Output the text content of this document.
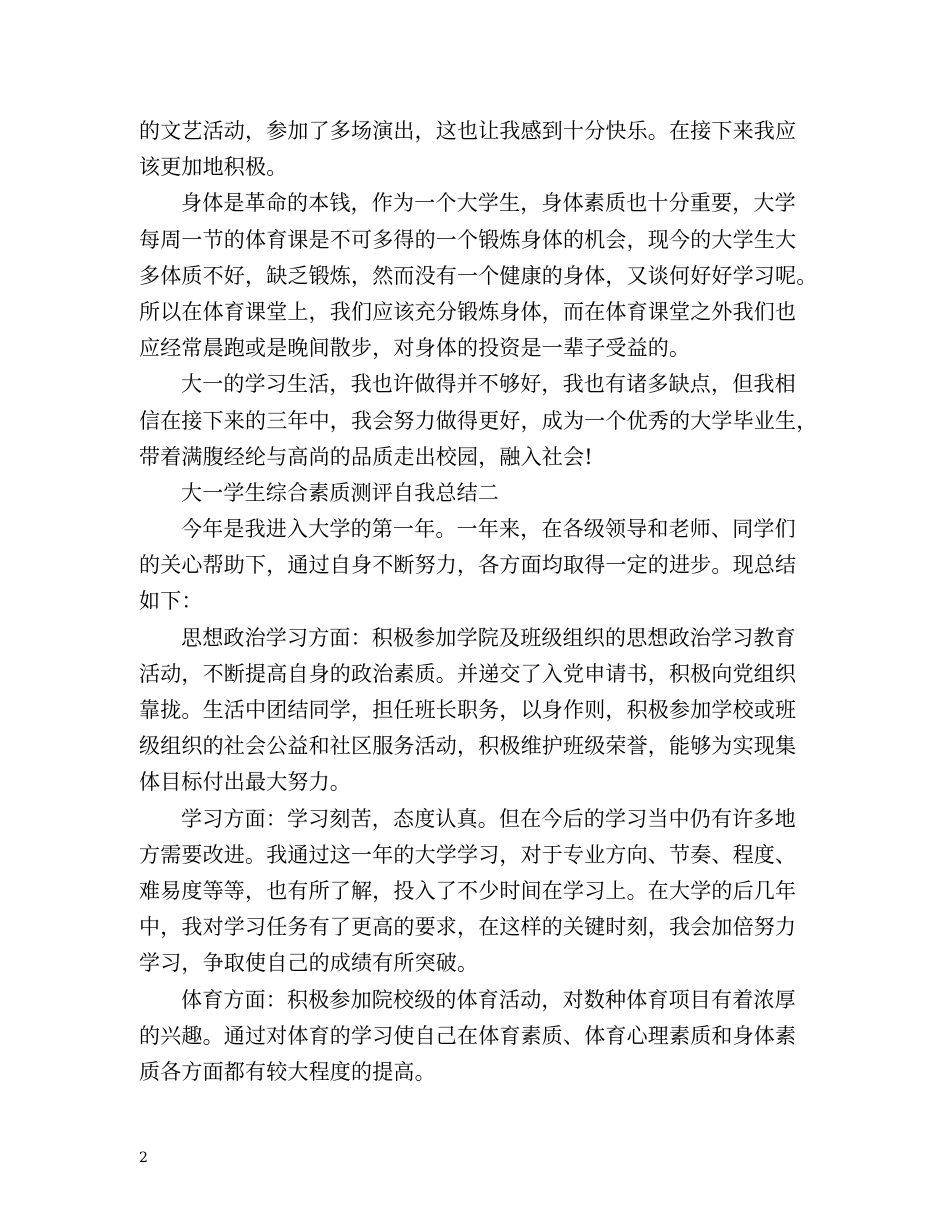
的文艺活动，参加了多场演出，这也让我感到十分快乐。在接下来我应
该更加地积极。
身体是革命的本钱，作为一个大学生，身体素质也十分重要，大学
每周一节的体育课是不可多得的一个锻炼身体的机会，现今的大学生大
多体质不好，缺乏锻炼，然而没有一个健康的身体，又谈何好好学习呢。
所以在体育课堂上，我们应该充分锻炼身体，而在体育课堂之外我们也
应经常晨跑或是晚间散步，对身体的投资是一辈子受益的。
大一的学习生活，我也许做得并不够好，我也有诸多缺点，但我相
信在接下来的三年中，我会努力做得更好，成为一个优秀的大学毕业生，
带着满腹经纶与高尚的品质走出校园，融入社会!
大一学生综合素质测评自我总结二
今年是我进入大学的第一年。一年来，在各级领导和老师、同学们
的关心帮助下，通过自身不断努力，各方面均取得一定的进步。现总结
如下：
思想政治学习方面：积极参加学院及班级组织的思想政治学习教育
活动，不断提高自身的政治素质。并递交了入党申请书，积极向党组织
靠拢。生活中团结同学，担任班长职务，以身作则，积极参加学校或班
级组织的社会公益和社区服务活动，积极维护班级荣誉，能够为实现集
体目标付出最大努力。
学习方面：学习刻苦，态度认真。但在今后的学习当中仍有许多地
方需要改进。我通过这一年的大学学习，对于专业方向、节奏、程度、
难易度等等，也有所了解，投入了不少时间在学习上。在大学的后几年
中，我对学习任务有了更高的要求，在这样的关键时刻，我会加倍努力
学习，争取使自己的成绩有所突破。
体育方面：积极参加院校级的体育活动，对数种体育项目有着浓厚
的兴趣。通过对体育的学习使自己在体育素质、体育心理素质和身体素
质各方面都有较大程度的提高。
2
